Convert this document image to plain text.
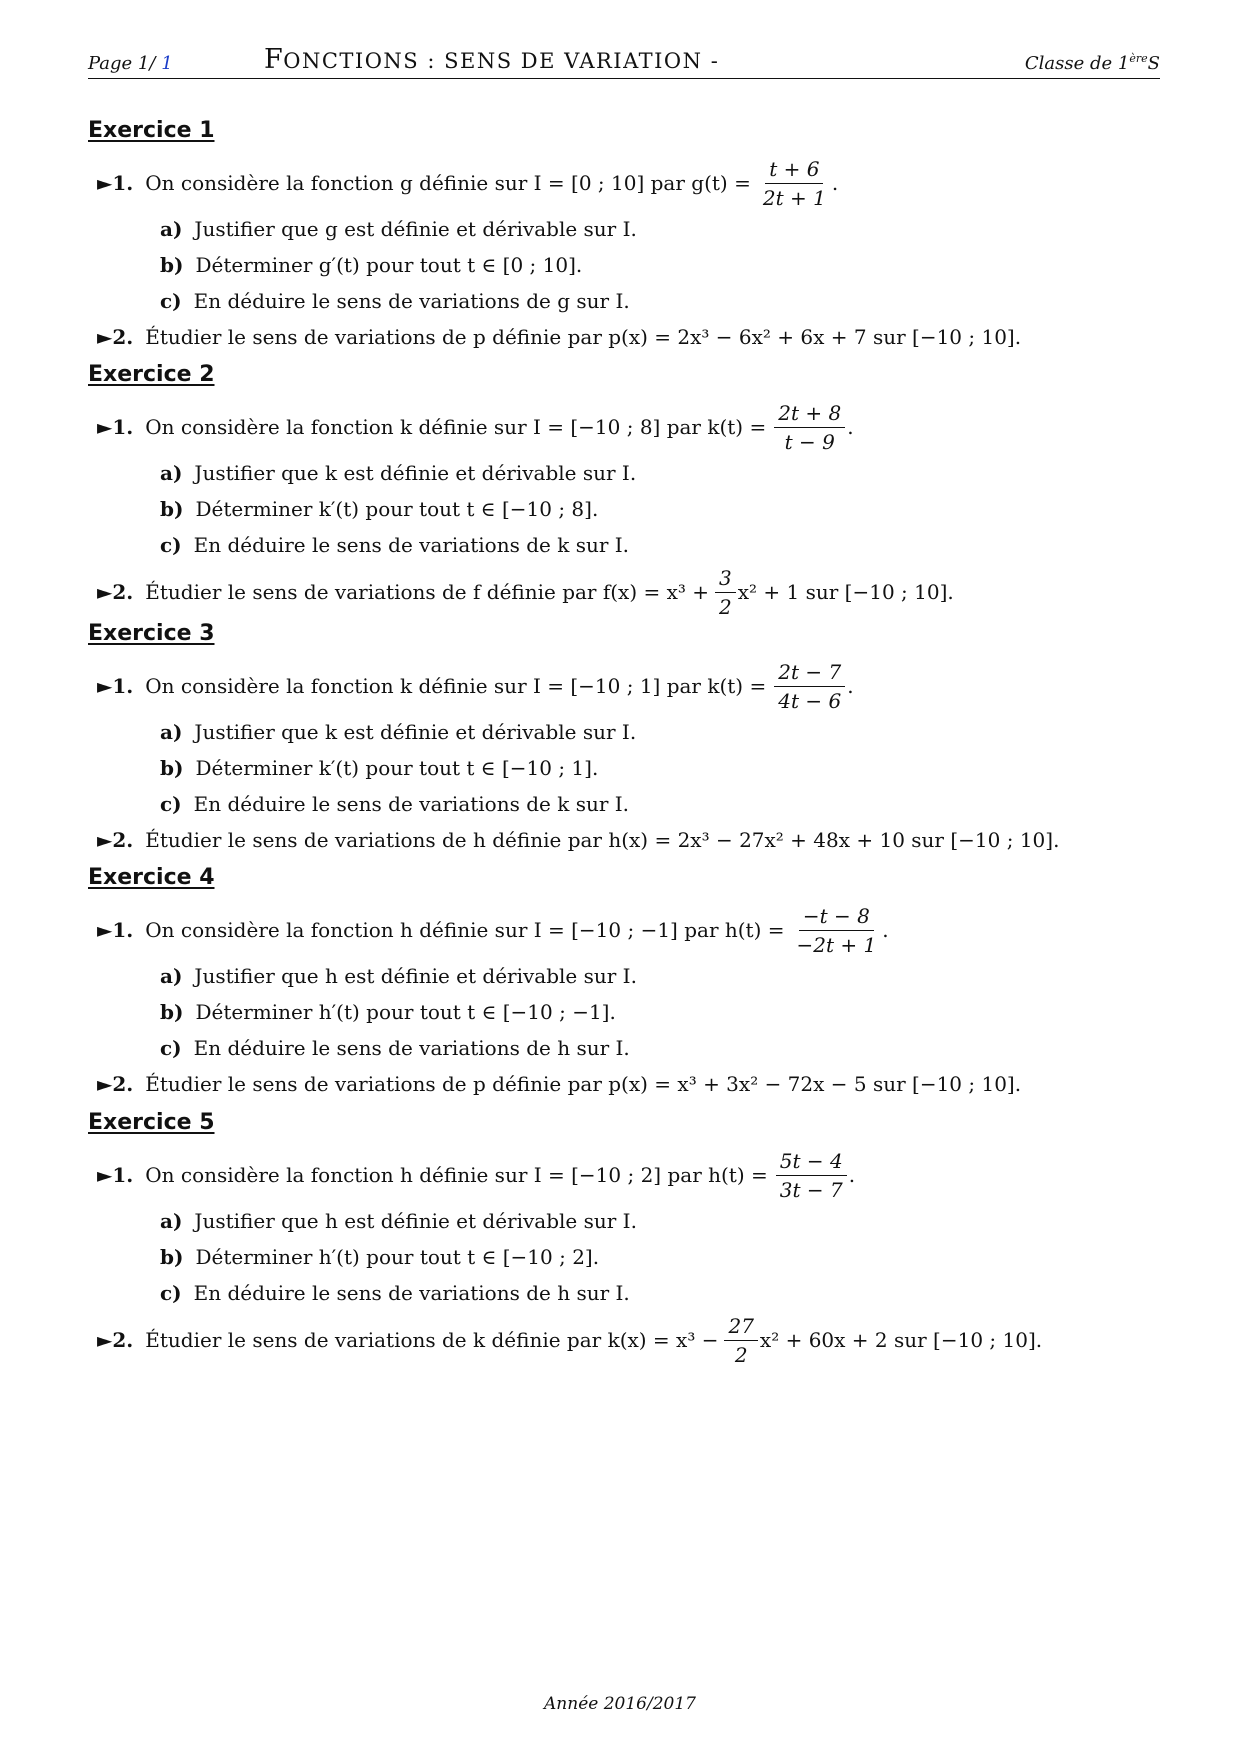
Page 1/ 1	FONCTIONS : SENS DE VARIATION -	Classe de 1èreS
Exercice 1
►1. On considère la fonction g définie sur I = [0 ; 10] par $g(t) = \frac{t + 6}{2t + 1}$ .
a) Justifier que g est définie et dérivable sur I.
b) Déterminer g′(t) pour tout t ∈ [0 ; 10].
c) En déduire le sens de variations de g sur I.
►2. Étudier le sens de variations de p définie par p(x) = 2x³ − 6x² + 6x + 7 sur [−10 ; 10].
Exercice 2
►1. On considère la fonction k définie sur I = [−10 ; 8] par $k(t) = \frac{2t + 8}{t - 9}$ .
a) Justifier que k est définie et dérivable sur I.
b) Déterminer k′(t) pour tout t ∈ [−10 ; 8].
c) En déduire le sens de variations de k sur I.
►2. Étudier le sens de variations de f définie par $f(x) = x^3 + \frac{3}{2} x^2 + 1$ sur [−10 ; 10].
Exercice 3
►1. On considère la fonction k définie sur I = [−10 ; 1] par $k(t) = \frac{2t - 7}{4t - 6}$ .
a) Justifier que k est définie et dérivable sur I.
b) Déterminer k′(t) pour tout t ∈ [−10 ; 1].
c) En déduire le sens de variations de k sur I.
►2. Étudier le sens de variations de h définie par h(x) = 2x³ − 27x² + 48x + 10 sur [−10 ; 10].
Exercice 4
►1. On considère la fonction h définie sur I = [−10 ; −1] par $h(t) = \frac{-t - 8}{-2t + 1}$ .
a) Justifier que h est définie et dérivable sur I.
b) Déterminer h′(t) pour tout t ∈ [−10 ; −1].
c) En déduire le sens de variations de h sur I.
►2. Étudier le sens de variations de p définie par p(x) = x³ + 3x² − 72x − 5 sur [−10 ; 10].
Exercice 5
►1. On considère la fonction h définie sur I = [−10 ; 2] par $h(t) = \frac{5t - 4}{3t - 7}$ .
a) Justifier que h est définie et dérivable sur I.
b) Déterminer h′(t) pour tout t ∈ [−10 ; 2].
c) En déduire le sens de variations de h sur I.
►2. Étudier le sens de variations de k définie par $k(x) = x^3 - \frac{27}{2} x^2 + 60x + 2$ sur [−10 ; 10].
Année 2016/2017
